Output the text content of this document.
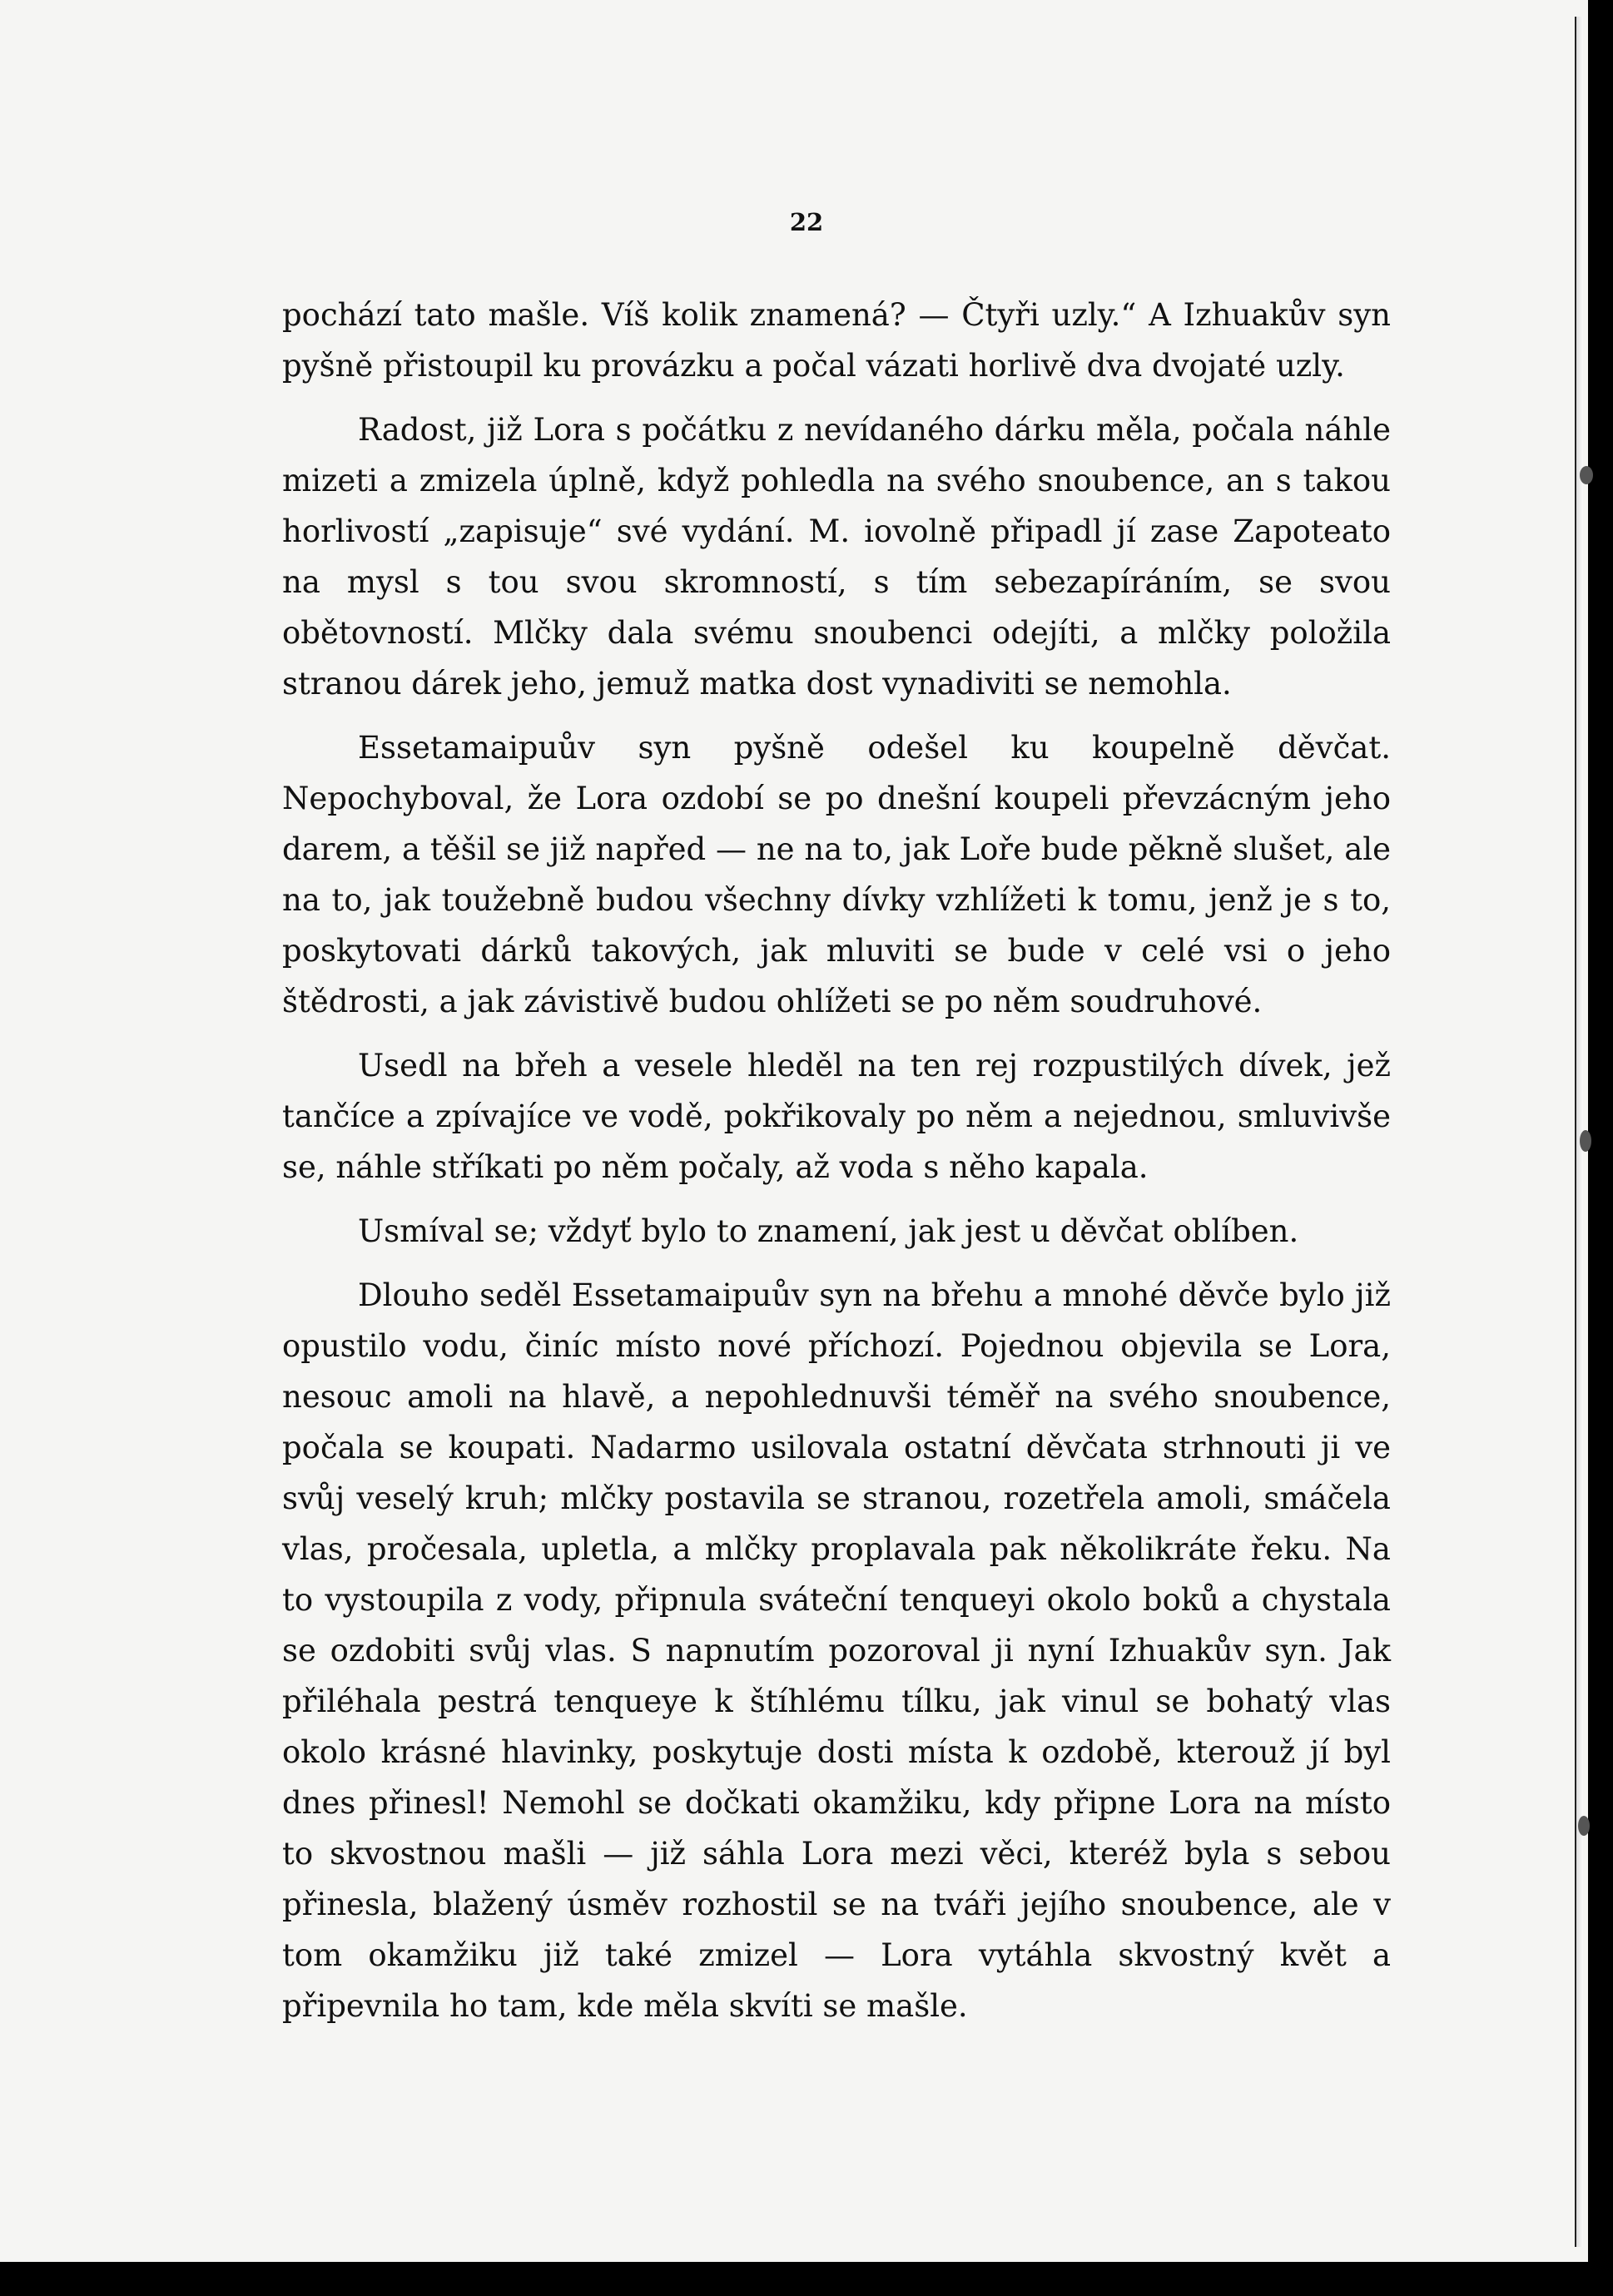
22

pochází tato mašle. Víš kolik znamená? — Čtyři uzly.“ A Izhuakův syn pyšně přistoupil ku provázku a počal vázati horlivě dva dvojaté uzly.

Radost, již Lora s počátku z nevídaného dárku měla, počala náhle mizeti a zmizela úplně, když pohledla na svého snoubence, an s takou horlivostí „zapisuje“ své vydání. M. iovolně připadl jí zase Zapoteato na mysl s tou svou skromností, s tím sebezapíráním, se svou obětovností. Mlčky dala svému snoubenci odejíti, a mlčky položila stranou dárek jeho, jemuž matka dost vynadiviti se nemohla.

Essetamaipuův syn pyšně odešel ku koupelně děvčat. Nepochyboval, že Lora ozdobí se po dnešní koupeli převzácným jeho darem, a těšil se již napřed — ne na to, jak Loře bude pěkně slušet, ale na to, jak toužebně budou všechny dívky vzhlížeti k tomu, jenž je s to, poskytovati dárků takových, jak mluviti se bude v celé vsi o jeho štědrosti, a jak závistivě budou ohlížeti se po něm soudruhové.

Usedl na břeh a vesele hleděl na ten rej rozpustilých dívek, jež tančíce a zpívajíce ve vodě, pokřikovaly po něm a nejednou, smluvivše se, náhle stříkati po něm počaly, až voda s něho kapala.

Usmíval se; vždyť bylo to znamení, jak jest u děvčat oblíben.

Dlouho seděl Essetamaipuův syn na břehu a mnohé děvče bylo již opustilo vodu, činíc místo nové příchozí. Pojednou objevila se Lora, nesouc amoli na hlavě, a nepohlednuvši téměř na svého snoubence, počala se koupati. Nadarmo usilovala ostatní děvčata strhnouti ji ve svůj veselý kruh; mlčky postavila se stranou, rozetřela amoli, smáčela vlas, pročesala, upletla, a mlčky proplavala pak několikráte řeku. Na to vystoupila z vody, připnula sváteční tenqueyi okolo boků a chystala se ozdobiti svůj vlas. S napnutím pozoroval ji nyní Izhuakův syn. Jak přiléhala pestrá tenqueye k štíhlému tílku, jak vinul se bohatý vlas okolo krásné hlavinky, poskytuje dosti místa k ozdobě, kterouž jí byl dnes přinesl! Nemohl se dočkati okamžiku, kdy připne Lora na místo to skvostnou mašli — již sáhla Lora mezi věci, kteréž byla s sebou přinesla, blažený úsměv rozhostil se na tváři jejího snoubence, ale v tom okamžiku již také zmizel — Lora vytáhla skvostný květ a připevnila ho tam, kde měla skvíti se mašle.
